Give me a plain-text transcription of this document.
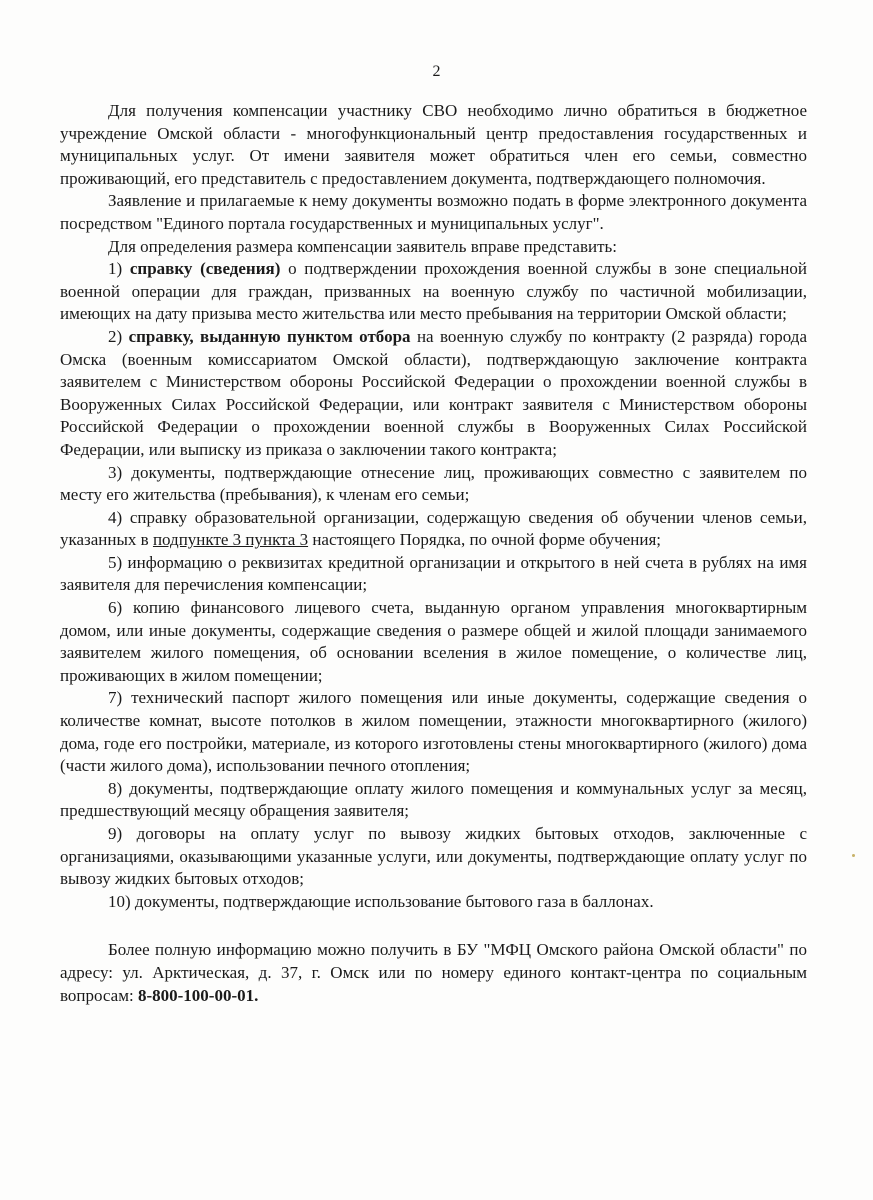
2

Для получения компенсации участнику СВО необходимо лично обратиться в бюджетное учреждение Омской области - многофункциональный центр предоставления государственных и муниципальных услуг. От имени заявителя может обратиться член его семьи, совместно проживающий, его представитель с предоставлением документа, подтверждающего полномочия.

Заявление и прилагаемые к нему документы возможно подать в форме электронного документа посредством "Единого портала государственных и муниципальных услуг".

Для определения размера компенсации заявитель вправе представить:

1) справку (сведения) о подтверждении прохождения военной службы в зоне специальной военной операции для граждан, призванных на военную службу по частичной мобилизации, имеющих на дату призыва место жительства или место пребывания на территории Омской области;

2) справку, выданную пунктом отбора на военную службу по контракту (2 разряда) города Омска (военным комиссариатом Омской области), подтверждающую заключение контракта заявителем с Министерством обороны Российской Федерации о прохождении военной службы в Вооруженных Силах Российской Федерации, или контракт заявителя с Министерством обороны Российской Федерации о прохождении военной службы в Вооруженных Силах Российской Федерации, или выписку из приказа о заключении такого контракта;

3) документы, подтверждающие отнесение лиц, проживающих совместно с заявителем по месту его жительства (пребывания), к членам его семьи;

4) справку образовательной организации, содержащую сведения об обучении членов семьи, указанных в подпункте 3 пункта 3 настоящего Порядка, по очной форме обучения;

5) информацию о реквизитах кредитной организации и открытого в ней счета в рублях на имя заявителя для перечисления компенсации;

6) копию финансового лицевого счета, выданную органом управления многоквартирным домом, или иные документы, содержащие сведения о размере общей и жилой площади занимаемого заявителем жилого помещения, об основании вселения в жилое помещение, о количестве лиц, проживающих в жилом помещении;

7) технический паспорт жилого помещения или иные документы, содержащие сведения о количестве комнат, высоте потолков в жилом помещении, этажности многоквартирного (жилого) дома, годе его постройки, материале, из которого изготовлены стены многоквартирного (жилого) дома (части жилого дома), использовании печного отопления;

8) документы, подтверждающие оплату жилого помещения и коммунальных услуг за месяц, предшествующий месяцу обращения заявителя;

9) договоры на оплату услуг по вывозу жидких бытовых отходов, заключенные с организациями, оказывающими указанные услуги, или документы, подтверждающие оплату услуг по вывозу жидких бытовых отходов;

10) документы, подтверждающие использование бытового газа в баллонах.

Более полную информацию можно получить в БУ "МФЦ Омского района Омской области" по адресу: ул. Арктическая, д. 37, г. Омск или по номеру единого контакт-центра по социальным вопросам: 8-800-100-00-01.
